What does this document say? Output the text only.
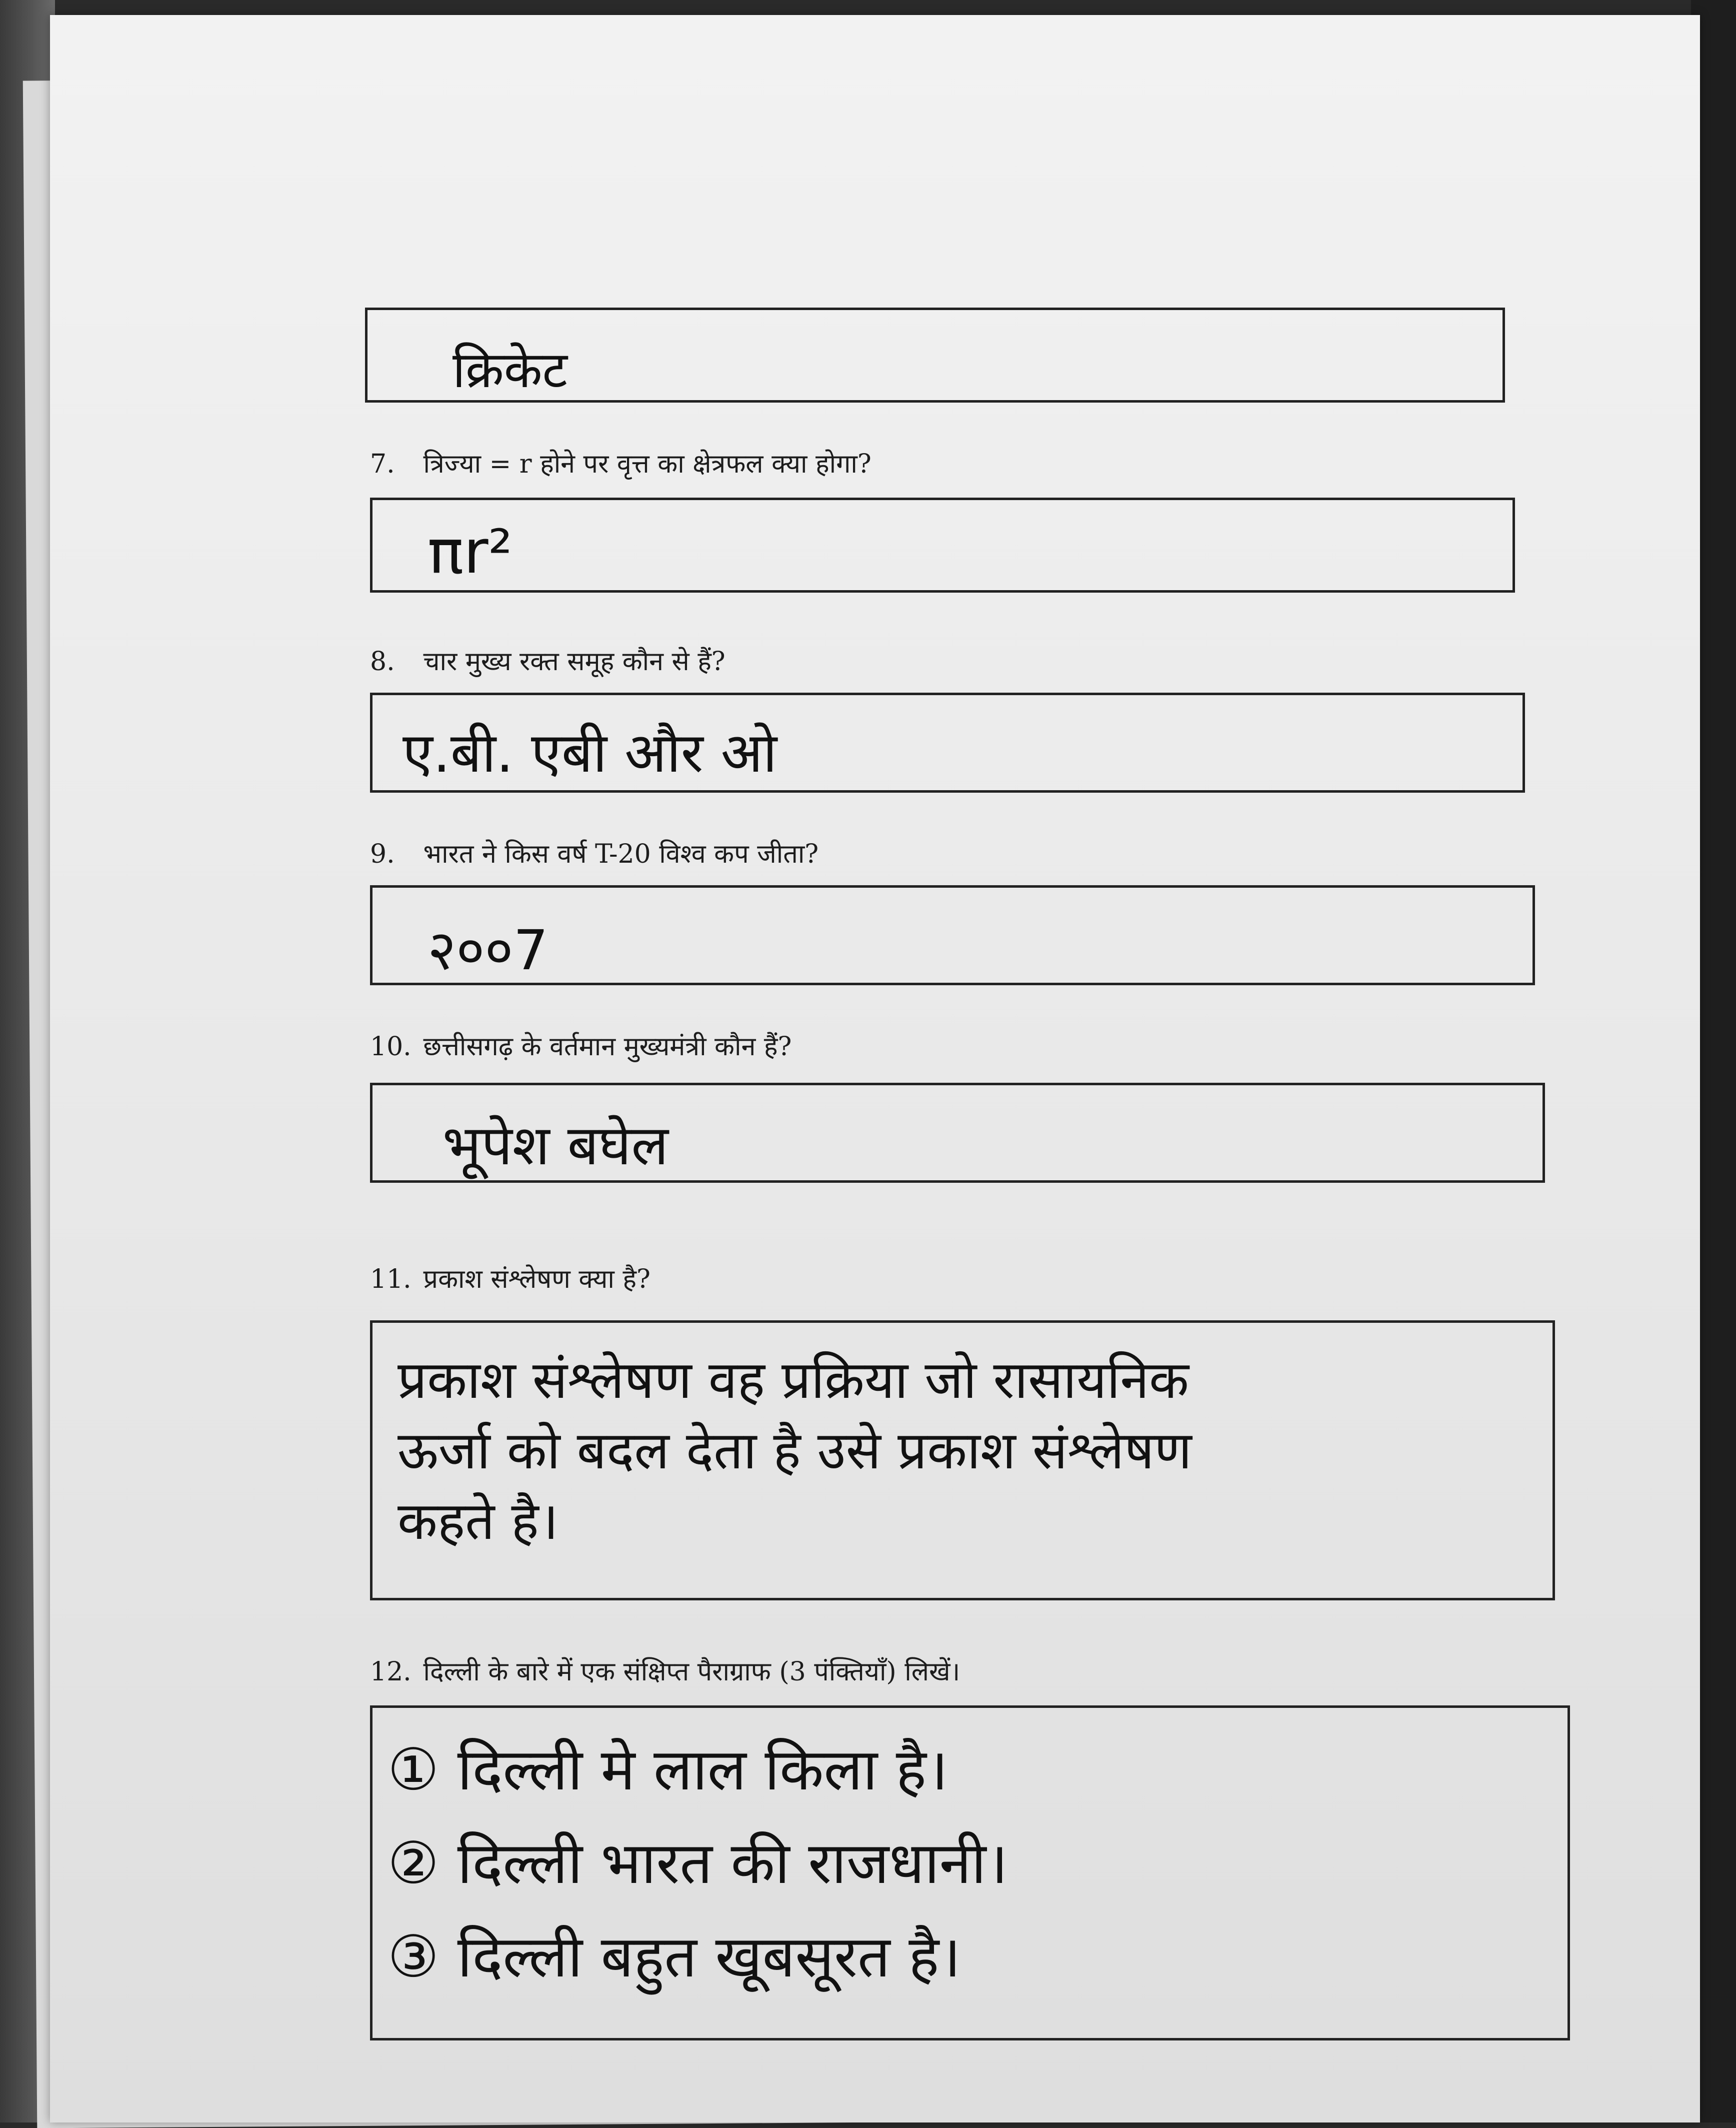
क्रिकेट

7. त्रिज्या = r होने पर वृत्त का क्षेत्रफल क्या होगा?

πr²

8. चार मुख्य रक्त समूह कौन से हैं?

ए.बी. एबी और ओ

9. भारत ने किस वर्ष T-20 विश्व कप जीता?

२००7

10. छत्तीसगढ़ के वर्तमान मुख्यमंत्री कौन हैं?

भूपेश बघेल

11. प्रकाश संश्लेषण क्या है?

प्रकाश संश्लेषण वह प्रक्रिया जो रासायनिक
ऊर्जा को बदल देता है उसे प्रकाश संश्लेषण
कहते है।

12. दिल्ली के बारे में एक संक्षिप्त पैराग्राफ (3 पंक्तियाँ) लिखें।

① दिल्ली मे लाल किला है।
② दिल्ली भारत की राजधानी।
③ दिल्ली बहुत खूबसूरत है।
